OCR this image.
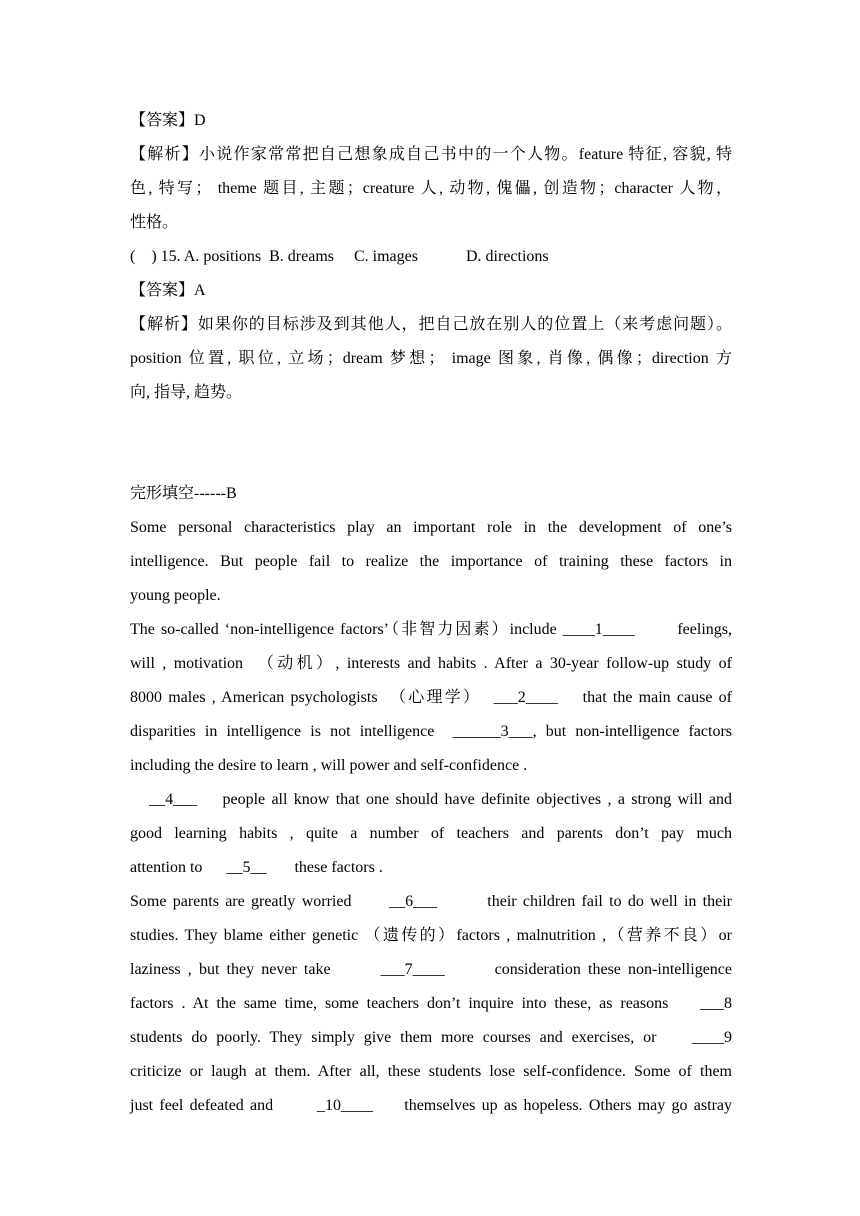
【答案】D
【解析】小说作家常常把自己想象成自己书中的一个人物。feature 特征, 容貌, 特
色, 特写； theme 题目, 主题；creature 人, 动物, 傀儡, 创造物；character 人物，
性格。
(    ) 15. A. positions  B. dreams     C. images            D. directions
【答案】A
【解析】如果你的目标涉及到其他人，把自己放在别人的位置上（来考虑问题）。
position 位置, 职位, 立场；dream 梦想； image 图象, 肖像, 偶像；direction 方
向, 指导, 趋势。
完形填空------B
Some personal characteristics play an important role in the development of one’s
intelligence. But people fail to realize the importance of training these factors in
young people.
The so-called ‘non-intelligence factors’（非智力因素）include ____1____       feelings,
will , motivation  （动机）, interests and habits . After a 30-year follow-up study of
8000 males , American psychologists  （心理学）  ___2____    that the main cause of
disparities in intelligence is not intelligence  ______3___, but non-intelligence factors
including the desire to learn , will power and self-confidence .
__4___    people all know that one should have definite objectives , a strong will and
good learning habits , quite a number of teachers and parents don’t pay much
attention to      __5__       these factors .
Some parents are greatly worried      __6___        their children fail to do well in their
studies. They blame either genetic （遗传的）factors , malnutrition ,（营养不良）or
laziness , but they never take       ___7____       consideration these non-intelligence
factors . At the same time, some teachers don’t inquire into these, as reasons    ___8
students do poorly. They simply give them more courses and exercises, or    ____9
criticize or laugh at them. After all, these students lose self-confidence. Some of them
just feel defeated and       _10____     themselves up as hopeless. Others may go astray
